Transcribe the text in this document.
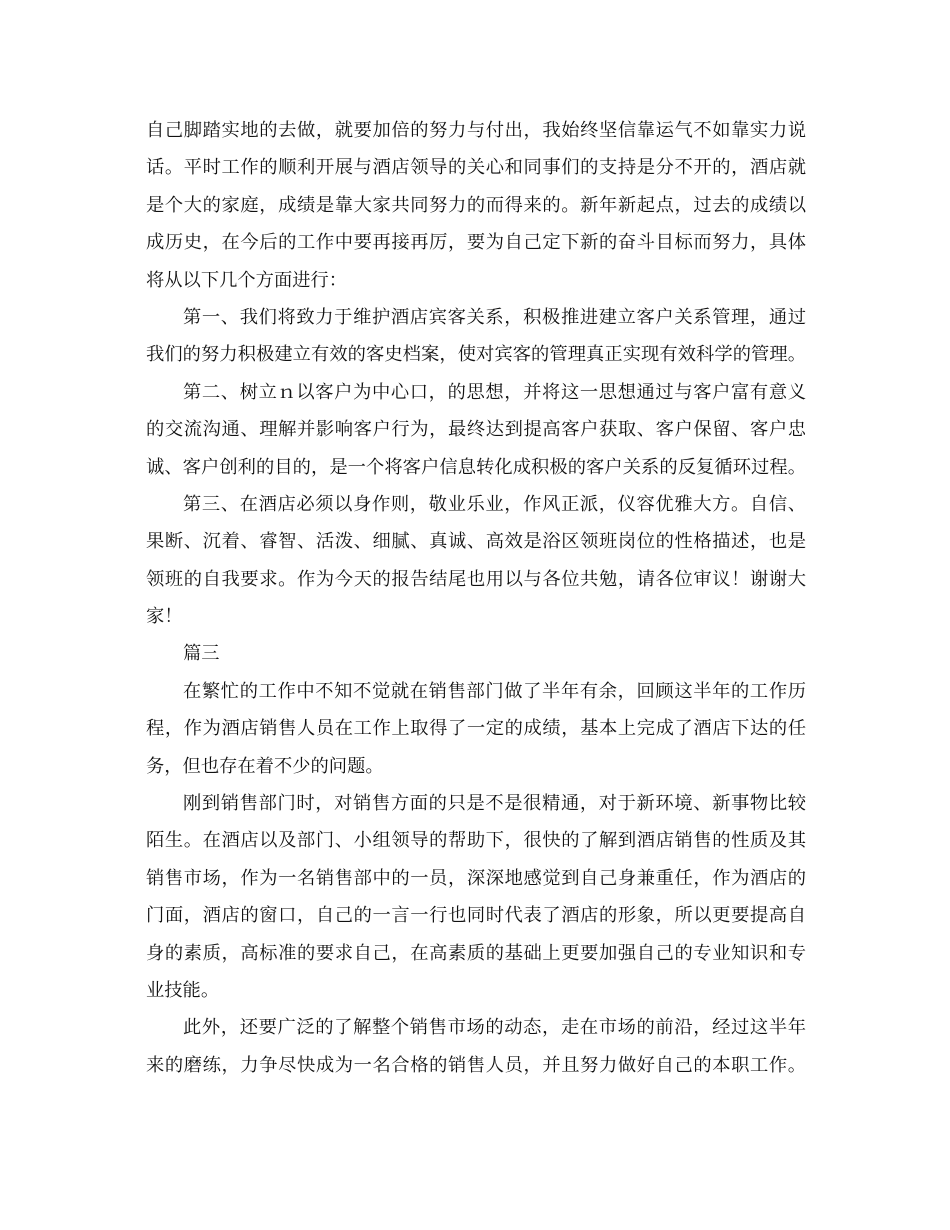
自己脚踏实地的去做，就要加倍的努力与付出，我始终坚信靠运气不如靠实力说
话。平时工作的顺利开展与酒店领导的关心和同事们的支持是分不开的，酒店就
是个大的家庭，成绩是靠大家共同努力的而得来的。新年新起点，过去的成绩以
成历史，在今后的工作中要再接再厉，要为自己定下新的奋斗目标而努力，具体
将从以下几个方面进行：
第一、我们将致力于维护酒店宾客关系，积极推进建立客户关系管理，通过
我们的努力积极建立有效的客史档案，使对宾客的管理真正实现有效科学的管理。
第二、树立ｎ以客户为中心口，的思想，并将这一思想通过与客户富有意义
的交流沟通、理解并影响客户行为，最终达到提高客户获取、客户保留、客户忠
诚、客户创利的目的，是一个将客户信息转化成积极的客户关系的反复循环过程。
第三、在酒店必须以身作则，敬业乐业，作风正派，仪容优雅大方。自信、
果断、沉着、睿智、活泼、细腻、真诚、高效是浴区领班岗位的性格描述，也是
领班的自我要求。作为今天的报告结尾也用以与各位共勉，请各位审议！谢谢大
家！
篇三
在繁忙的工作中不知不觉就在销售部门做了半年有余，回顾这半年的工作历
程，作为酒店销售人员在工作上取得了一定的成绩，基本上完成了酒店下达的任
务，但也存在着不少的问题。
刚到销售部门时，对销售方面的只是不是很精通，对于新环境、新事物比较
陌生。在酒店以及部门、小组领导的帮助下，很快的了解到酒店销售的性质及其
销售市场，作为一名销售部中的一员，深深地感觉到自己身兼重任，作为酒店的
门面，酒店的窗口，自己的一言一行也同时代表了酒店的形象，所以更要提高自
身的素质，高标准的要求自己，在高素质的基础上更要加强自己的专业知识和专
业技能。
此外，还要广泛的了解整个销售市场的动态，走在市场的前沿，经过这半年
来的磨练，力争尽快成为一名合格的销售人员，并且努力做好自己的本职工作。
